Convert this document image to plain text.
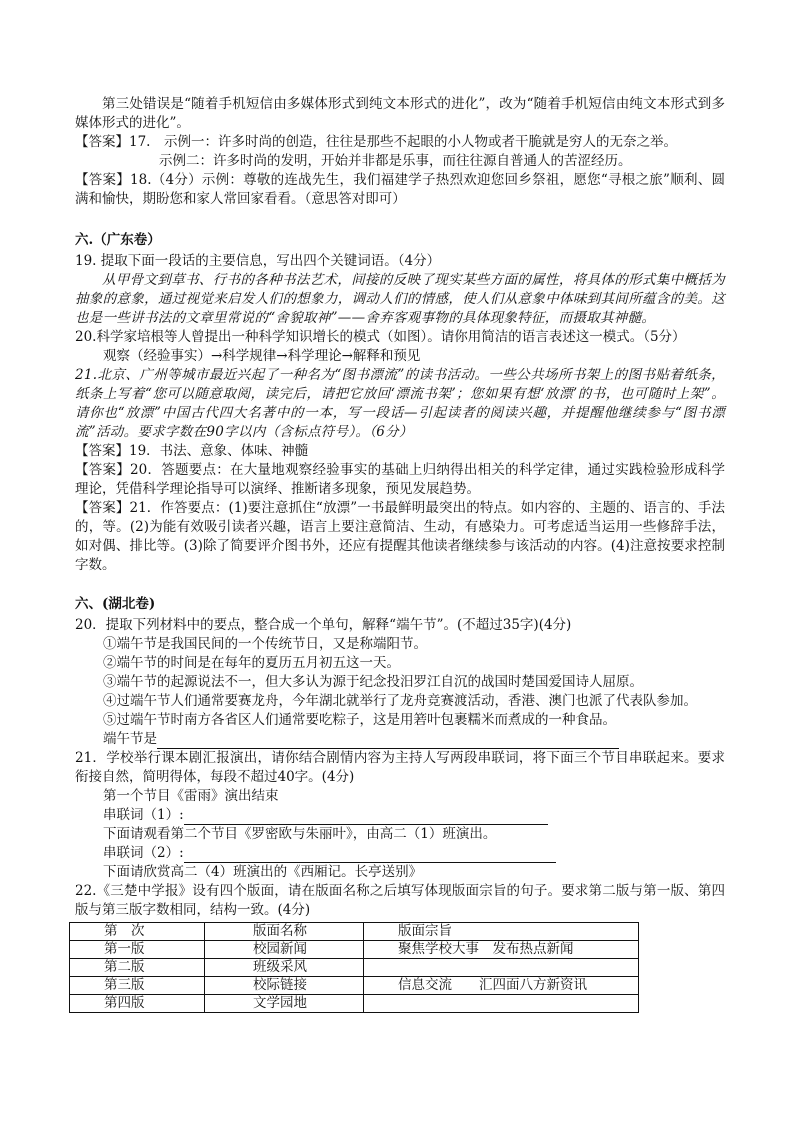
第三处错误是“随着手机短信由多媒体形式到纯文本形式的进化”，改为“随着手机短信由纯文本形式到多媒体形式的进化”。

【答案】17.　示例一：许多时尚的创造，往往是那些不起眼的小人物或者干脆就是穷人的无奈之举。

示例二：许多时尚的发明，开始并非都是乐事，而往往源自普通人的苦涩经历。

【答案】18.（4分）示例：尊敬的连战先生，我们福建学子热烈欢迎您回乡祭祖，愿您“寻根之旅”顺利、圆满和愉快，期盼您和家人常回家看看。（意思答对即可）

六.（广东卷）

19. 提取下面一段话的主要信息，写出四个关键词语。（4分）

从甲骨文到草书、行书的各种书法艺术，间接的反映了现实某些方面的属性，将具体的形式集中概括为抽象的意象，通过视觉来启发人们的想象力，调动人们的情感，使人们从意象中体味到其间所蕴含的美。这也是一些讲书法的文章里常说的“舍貌取神”——舍弃客观事物的具体现象特征，而摄取其神髓。

20.科学家培根等人曾提出一种科学知识增长的模式（如图）。请你用简洁的语言表述这一模式。（5分）

观察（经验事实）→科学规律→科学理论→解释和预见

21.北京、广州等城市最近兴起了一种名为“图书漂流”的读书活动。一些公共场所书架上的图书贴着纸条，纸条上写着“您可以随意取阅，读完后，请把它放回‘漂流书架’；您如果有想‘放漂’的书，也可随时上架”。请你也“放漂”中国古代四大名著中的一本，写一段话—引起读者的阅读兴趣，并提醒他继续参与“图书漂流”活动。要求字数在90字以内（含标点符号）。（6分）

【答案】19．书法、意象、体味、神髓

【答案】20．答题要点：在大量地观察经验事实的基础上归纳得出相关的科学定律，通过实践检验形成科学理论，凭借科学理论指导可以演绎、推断诸多现象，预见发展趋势。

【答案】21．作答要点：(1)要注意抓住“放漂”一书最鲜明最突出的特点。如内容的、主题的、语言的、手法的，等。(2)为能有效吸引读者兴趣，语言上要注意简洁、生动，有感染力。可考虑适当运用一些修辞手法，如对偶、排比等。(3)除了简要评介图书外，还应有提醒其他读者继续参与该活动的内容。(4)注意按要求控制字数。

六、(湖北卷)

20．提取下列材料中的要点，整合成一个单句，解释“端午节”。(不超过35字)(4分)

①端午节是我国民间的一个传统节日，又是称端阳节。

②端午节的时间是在每年的夏历五月初五这一天。

③端午节的起源说法不一，但大多认为源于纪念投汨罗江自沉的战国时楚国爱国诗人屈原。

④过端午节人们通常要赛龙舟，今年湖北就举行了龙舟竞赛渡活动，香港、澳门也派了代表队参加。

⑤过端午节时南方各省区人们通常要吃粽子，这是用箬叶包裹糯米而煮成的一种食品。

端午节是

21．学校举行课本剧汇报演出，请你结合剧情内容为主持人写两段串联词，将下面三个节目串联起来。要求衔接自然，简明得体，每段不超过40字。(4分)

第一个节目《雷雨》演出结束

串联词（1）:

下面请观看第二个节目《罗密欧与朱丽叶》，由高二（1）班演出。

串联词（2）:

下面请欣赏高二（4）班演出的《西厢记。长亭送别》

22.《三楚中学报》设有四个版面，请在版面名称之后填写体现版面宗旨的句子。要求第二版与第一版、第四版与第三版字数相同，结构一致。(4分)

第　次	版面名称	版面宗旨
第一版	校园新闻	聚焦学校大事　发布热点新闻
第二版	班级采风	
第三版	校际链接	信息交流　　汇四面八方新资讯
第四版	文学园地	
